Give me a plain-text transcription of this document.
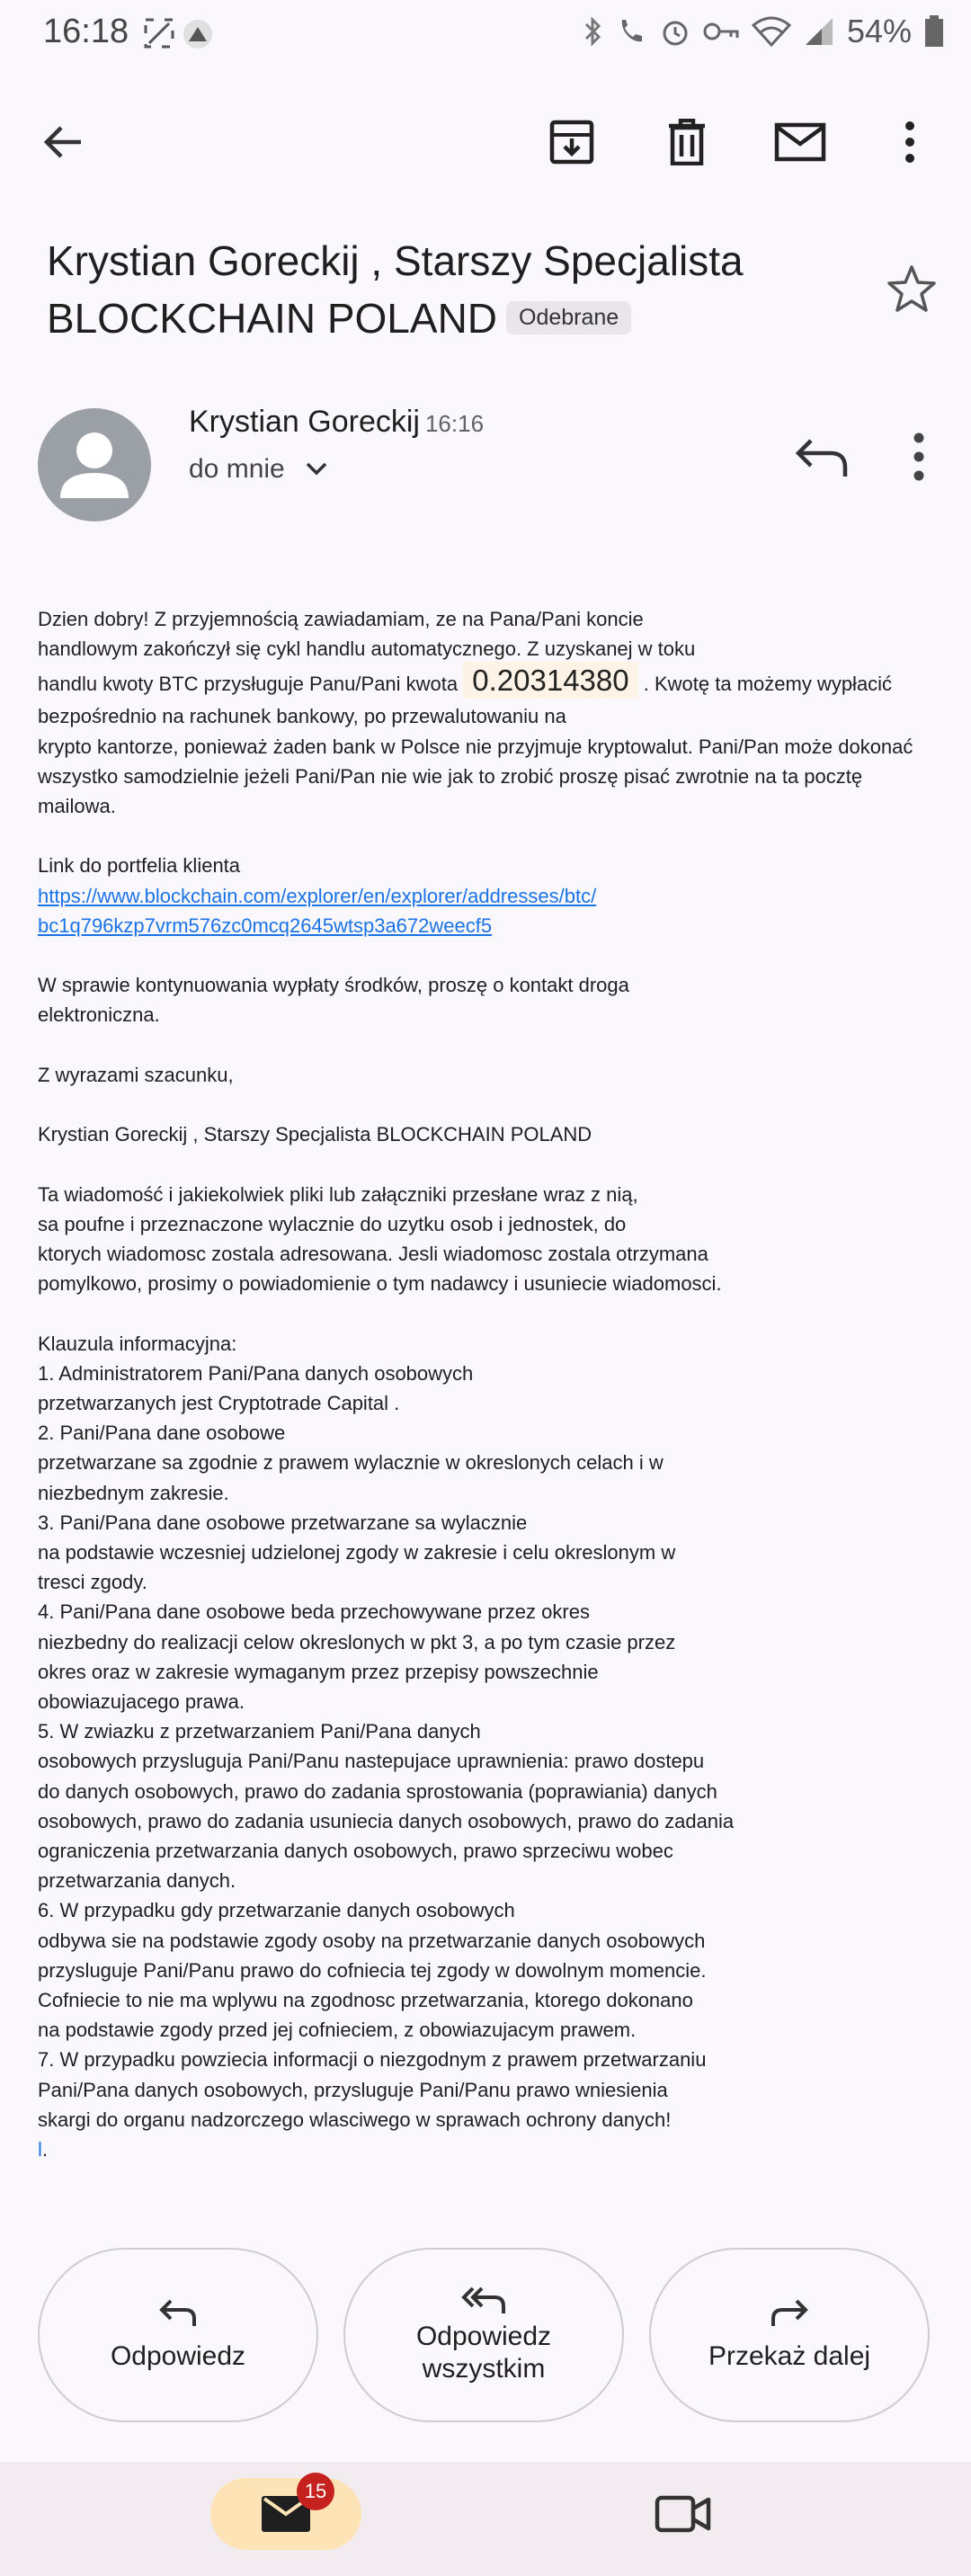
16:18	54%
Krystian Goreckij , Starszy Specjalista
BLOCKCHAIN POLAND Odebrane
Krystian Goreckij 16:16
do mnie

Dzien dobry! Z przyjemnością zawiadamiam, ze na Pana/Pani koncie

handlowym zakończył się cykl handlu automatycznego. Z uzyskanej w toku

handlu kwoty BTC przysługuje Panu/Pani kwota 0.20314380 . Kwotę ta możemy wypłacić

bezpośrednio na rachunek bankowy, po przewalutowaniu na

krypto kantorze, ponieważ żaden bank w Polsce nie przyjmuje kryptowalut. Pani/Pan może dokonać

wszystko samodzielnie jeżeli Pani/Pan nie wie jak to zrobić proszę pisać zwrotnie na ta pocztę

mailowa.

Link do portfelia klienta

https://www.blockchain.com/explorer/en/explorer/addresses/btc/

bc1q796kzp7vrm576zc0mcq2645wtsp3a672weecf5

W sprawie kontynuowania wypłaty środków, proszę o kontakt droga

elektroniczna.

Z wyrazami szacunku,

Krystian Goreckij , Starszy Specjalista BLOCKCHAIN POLAND

Ta wiadomość i jakiekolwiek pliki lub załączniki przesłane wraz z nią,

sa poufne i przeznaczone wylacznie do uzytku osob i jednostek, do

ktorych wiadomosc zostala adresowana. Jesli wiadomosc zostala otrzymana

pomylkowo, prosimy o powiadomienie o tym nadawcy i usuniecie wiadomosci.

Klauzula informacyjna:

1. Administratorem Pani/Pana danych osobowych

przetwarzanych jest Cryptotrade Capital .

2. Pani/Pana dane osobowe

przetwarzane sa zgodnie z prawem wylacznie w okreslonych celach i w

niezbednym zakresie.

3. Pani/Pana dane osobowe przetwarzane sa wylacznie

na podstawie wczesniej udzielonej zgody w zakresie i celu okreslonym w

tresci zgody.

4. Pani/Pana dane osobowe beda przechowywane przez okres

niezbedny do realizacji celow okreslonych w pkt 3, a po tym czasie przez

okres oraz w zakresie wymaganym przez przepisy powszechnie

obowiazujacego prawa.

5. W zwiazku z przetwarzaniem Pani/Pana danych

osobowych przysluguja Pani/Panu nastepujace uprawnienia: prawo dostepu

do danych osobowych, prawo do zadania sprostowania (poprawiania) danych

osobowych, prawo do zadania usuniecia danych osobowych, prawo do zadania

ograniczenia przetwarzania danych osobowych, prawo sprzeciwu wobec

przetwarzania danych.

6. W przypadku gdy przetwarzanie danych osobowych

odbywa sie na podstawie zgody osoby na przetwarzanie danych osobowych

przysluguje Pani/Panu prawo do cofniecia tej zgody w dowolnym momencie.

Cofniecie to nie ma wplywu na zgodnosc przetwarzania, ktorego dokonano

na podstawie zgody przed jej cofnieciem, z obowiazujacym prawem.

7. W przypadku powziecia informacji o niezgodnym z prawem przetwarzaniu

Pani/Pana danych osobowych, przysluguje Pani/Panu prawo wniesienia

skargi do organu nadzorczego wlasciwego w sprawach ochrony danych!

l.

Odpowiedz
Odpowiedz
wszystkim	Przekaż dalej
15
